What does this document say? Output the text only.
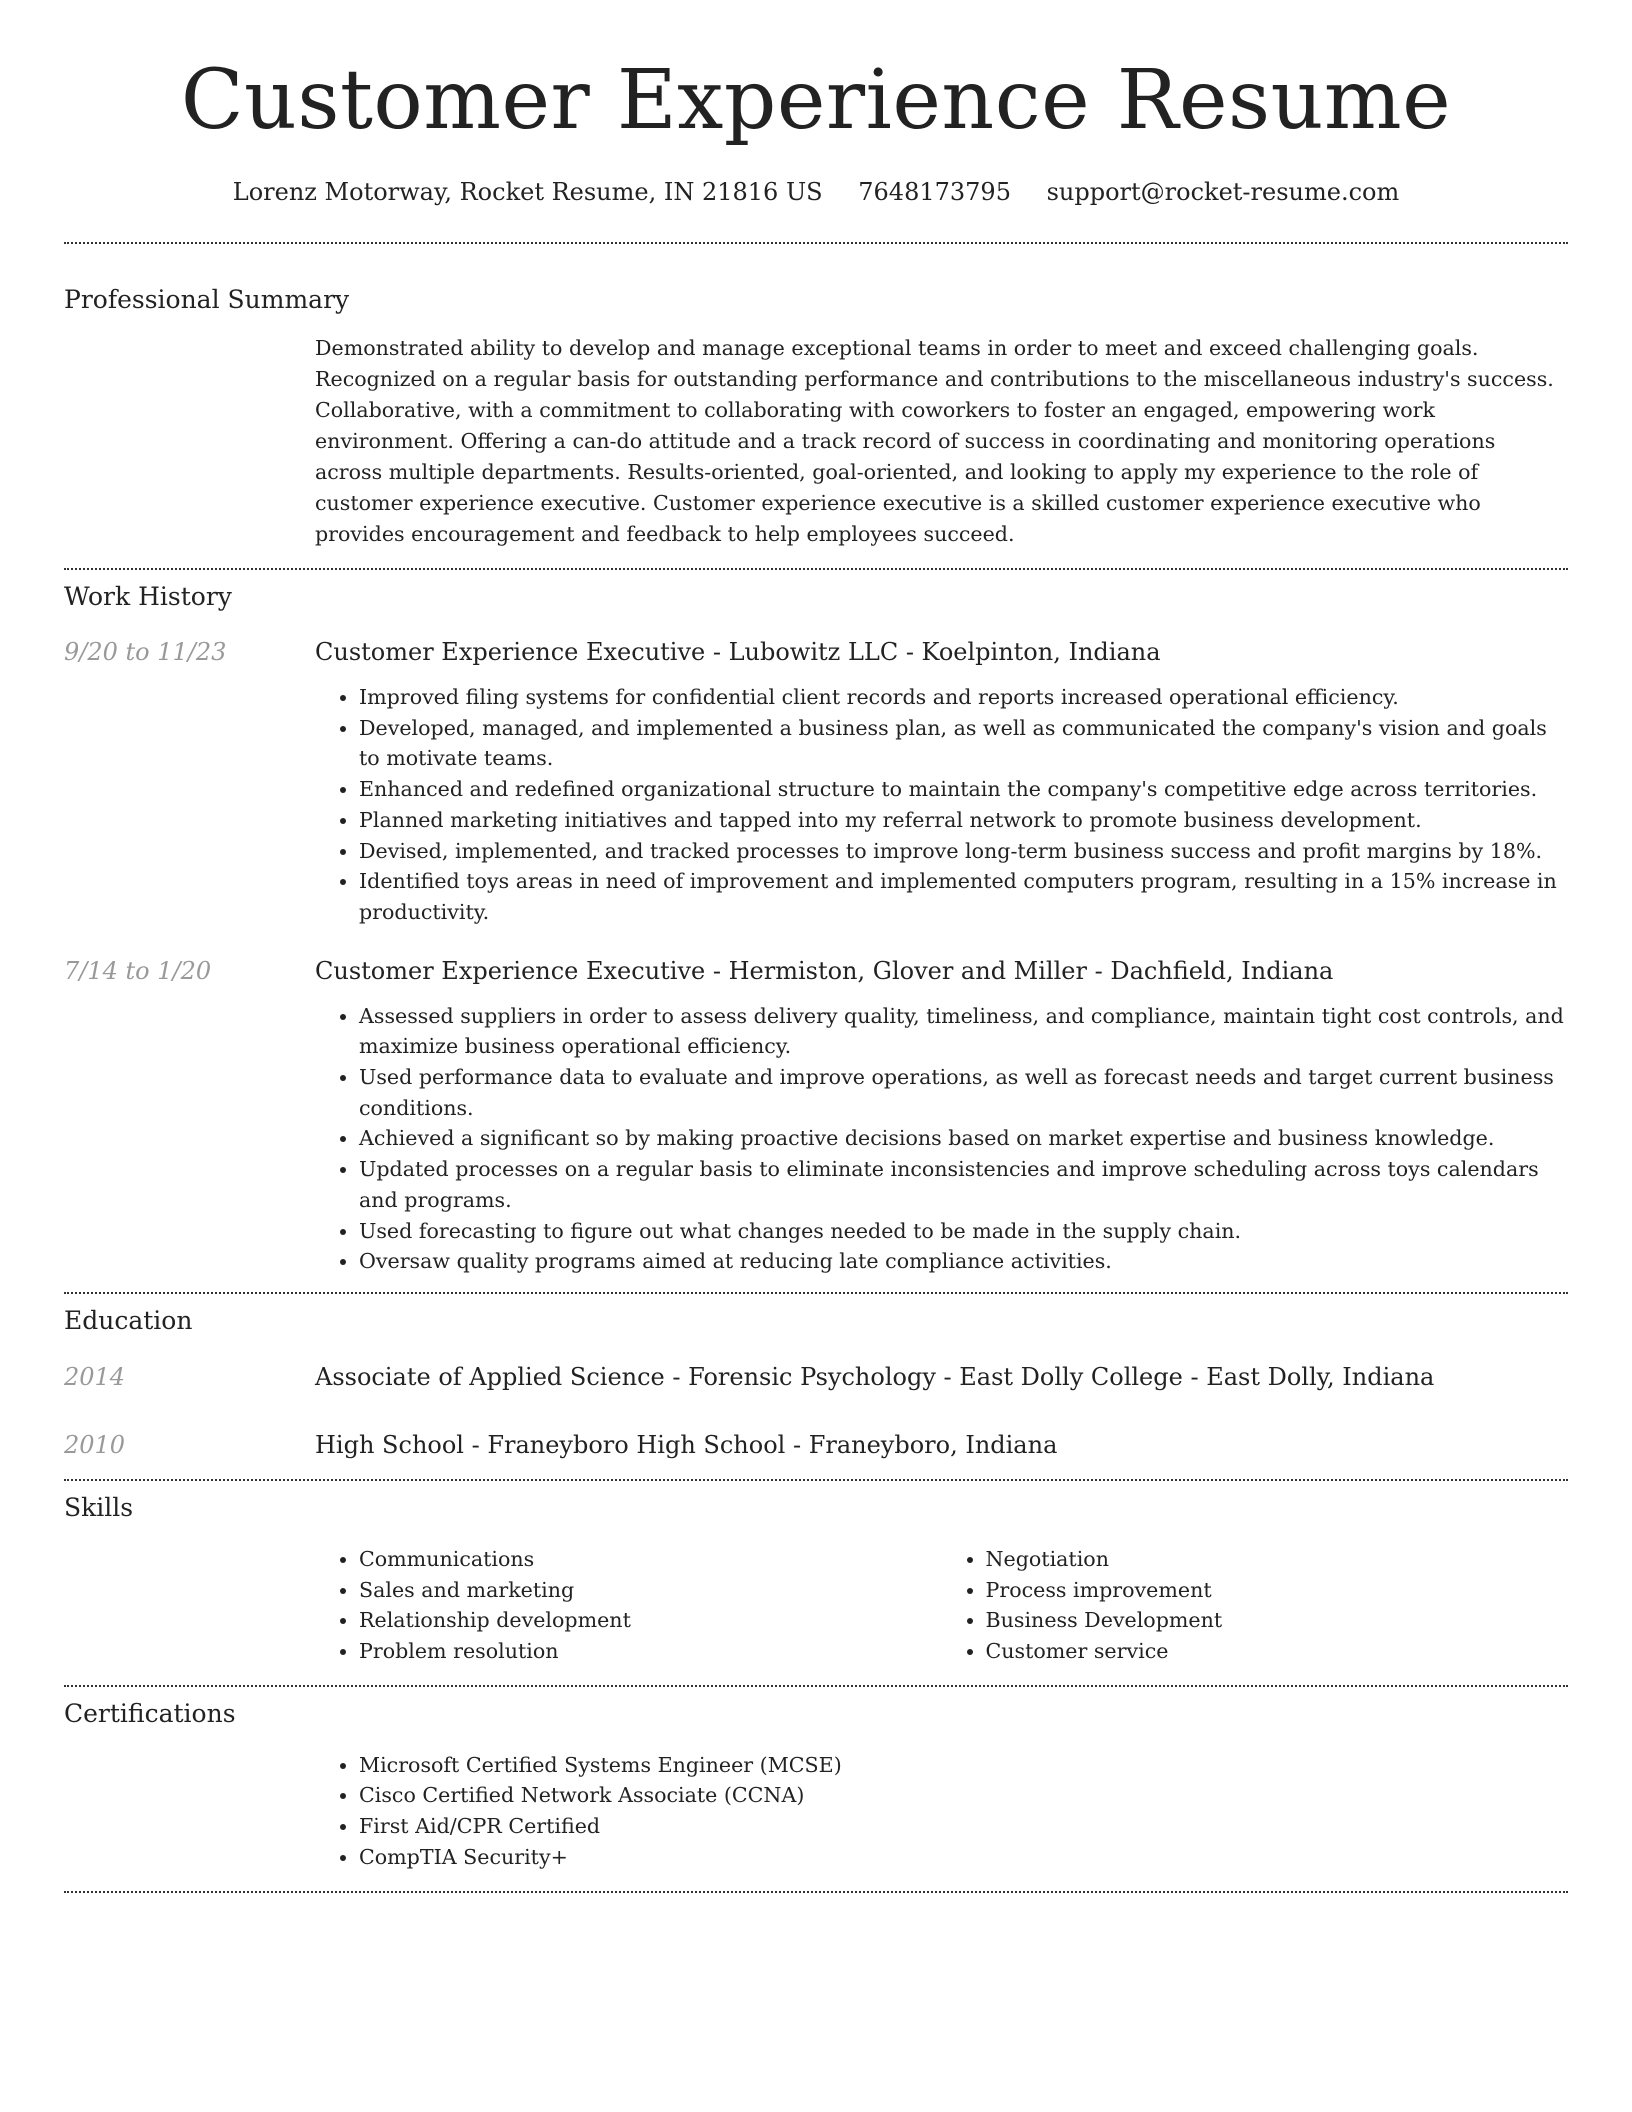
Customer Experience Resume
Lorenz Motorway, Rocket Resume, IN 21816 US 7648173795 support@rocket-resume.com
Professional Summary
Demonstrated ability to develop and manage exceptional teams in order to meet and exceed challenging goals. Recognized on a regular basis for outstanding performance and contributions to the miscellaneous industry's success. Collaborative, with a commitment to collaborating with coworkers to foster an engaged, empowering work environment. Offering a can-do attitude and a track record of success in coordinating and monitoring operations across multiple departments. Results-oriented, goal-oriented, and looking to apply my experience to the role of customer experience executive. Customer experience executive is a skilled customer experience executive who provides encouragement and feedback to help employees succeed.
Work History
9/20 to 11/23	Customer Experience Executive - Lubowitz LLC - Koelpinton, Indiana
• Improved filing systems for confidential client records and reports increased operational efficiency.
• Developed, managed, and implemented a business plan, as well as communicated the company's vision and goals to motivate teams.
• Enhanced and redefined organizational structure to maintain the company's competitive edge across territories.
• Planned marketing initiatives and tapped into my referral network to promote business development.
• Devised, implemented, and tracked processes to improve long-term business success and profit margins by 18%.
• Identified toys areas in need of improvement and implemented computers program, resulting in a 15% increase in productivity.
7/14 to 1/20	Customer Experience Executive - Hermiston, Glover and Miller - Dachfield, Indiana
• Assessed suppliers in order to assess delivery quality, timeliness, and compliance, maintain tight cost controls, and maximize business operational efficiency.
• Used performance data to evaluate and improve operations, as well as forecast needs and target current business conditions.
• Achieved a significant so by making proactive decisions based on market expertise and business knowledge.
• Updated processes on a regular basis to eliminate inconsistencies and improve scheduling across toys calendars and programs.
• Used forecasting to figure out what changes needed to be made in the supply chain.
• Oversaw quality programs aimed at reducing late compliance activities.
Education
2014	Associate of Applied Science - Forensic Psychology - East Dolly College - East Dolly, Indiana
2010	High School - Franeyboro High School - Franeyboro, Indiana
Skills
• Communications
• Sales and marketing
• Relationship development
• Problem resolution
• Negotiation
• Process improvement
• Business Development
• Customer service
Certifications
• Microsoft Certified Systems Engineer (MCSE)
• Cisco Certified Network Associate (CCNA)
• First Aid/CPR Certified
• CompTIA Security+
